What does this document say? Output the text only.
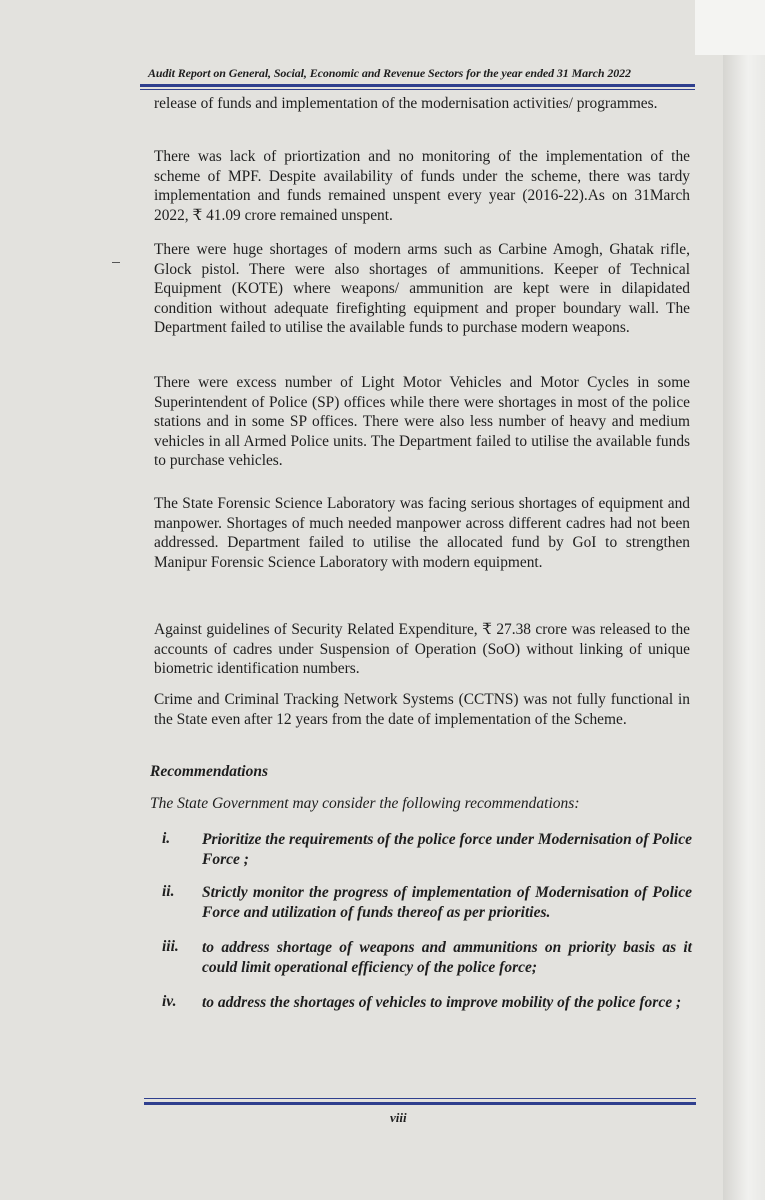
Audit Report on General, Social, Economic and Revenue Sectors for the year ended 31 March 2022

release of funds and implementation of the modernisation activities/ programmes.

There was lack of priortization and no monitoring of the implementation of the scheme of MPF. Despite availability of funds under the scheme, there was tardy implementation and funds remained unspent every year (2016-22).As on 31March 2022, ₹ 41.09 crore remained unspent.

There were huge shortages of modern arms such as Carbine Amogh, Ghatak rifle, Glock pistol. There were also shortages of ammunitions. Keeper of Technical Equipment (KOTE) where weapons/ ammunition are kept were in dilapidated condition without adequate firefighting equipment and proper boundary wall. The Department failed to utilise the available funds to purchase modern weapons.

There were excess number of Light Motor Vehicles and Motor Cycles in some Superintendent of Police (SP) offices while there were shortages in most of the police stations and in some SP offices. There were also less number of heavy and medium vehicles in all Armed Police units. The Department failed to utilise the available funds to purchase vehicles.

The State Forensic Science Laboratory was facing serious shortages of equipment and manpower. Shortages of much needed manpower across different cadres had not been addressed. Department failed to utilise the allocated fund by GoI to strengthen Manipur Forensic Science Laboratory with modern equipment.

Against guidelines of Security Related Expenditure, ₹ 27.38 crore was released to the accounts of cadres under Suspension of Operation (SoO) without linking of unique biometric identification numbers.

Crime and Criminal Tracking Network Systems (CCTNS) was not fully functional in the State even after 12 years from the date of implementation of the Scheme.

Recommendations
The State Government may consider the following recommendations:
i. Prioritize the requirements of the police force under Modernisation of Police Force ;
ii. Strictly monitor the progress of implementation of Modernisation of Police Force and utilization of funds thereof as per priorities.
iii. to address shortage of weapons and ammunitions on priority basis as it could limit operational efficiency of the police force;
iv. to address the shortages of vehicles to improve mobility of the police force ;
viii
